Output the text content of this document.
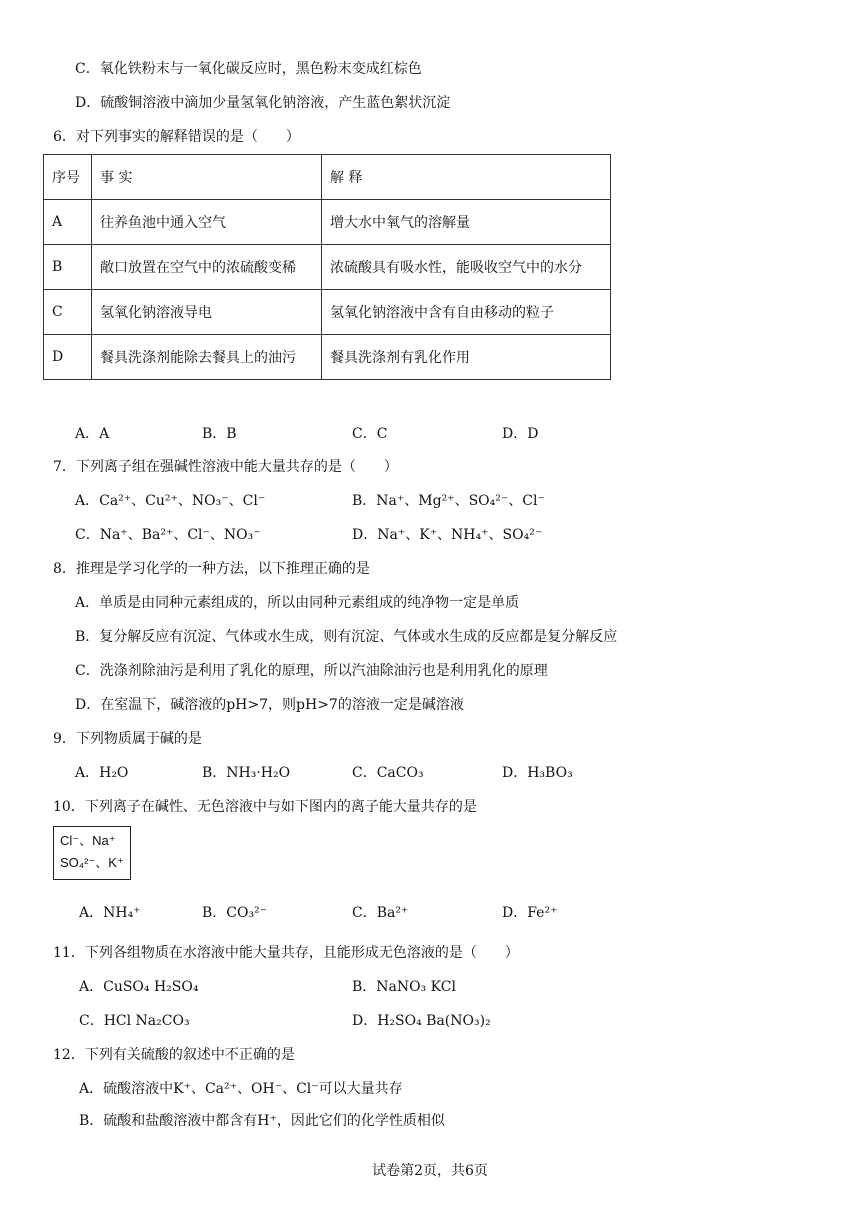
C．氧化铁粉末与一氧化碳反应时，黑色粉末变成红棕色
D．硫酸铜溶液中滴加少量氢氧化钠溶液，产生蓝色絮状沉淀
6．对下列事实的解释错误的是（　　）
序号	事 实	解 释
A	往养鱼池中通入空气	增大水中氧气的溶解量
B	敞口放置在空气中的浓硫酸变稀	浓硫酸具有吸水性，能吸收空气中的水分
C	氢氧化钠溶液导电	氢氧化钠溶液中含有自由移动的粒子
D	餐具洗涤剂能除去餐具上的油污	餐具洗涤剂有乳化作用
A．A	B．B	C．C	D．D
7．下列离子组在强碱性溶液中能大量共存的是（　　）
A．Ca²⁺、Cu²⁺、NO₃⁻、Cl⁻	B．Na⁺、Mg²⁺、SO₄²⁻、Cl⁻
C．Na⁺、Ba²⁺、Cl⁻、NO₃⁻	D．Na⁺、K⁺、NH₄⁺、SO₄²⁻
8．推理是学习化学的一种方法，以下推理正确的是
A．单质是由同种元素组成的，所以由同种元素组成的纯净物一定是单质
B．复分解反应有沉淀、气体或水生成，则有沉淀、气体或水生成的反应都是复分解反应
C．洗涤剂除油污是利用了乳化的原理，所以汽油除油污也是利用乳化的原理
D．在室温下，碱溶液的pH>7，则pH>7的溶液一定是碱溶液
9．下列物质属于碱的是
A．H₂O	B．NH₃·H₂O	C．CaCO₃	D．H₃BO₃
10．下列离子在碱性、无色溶液中与如下图内的离子能大量共存的是
Cl⁻、Na⁺
SO₄²⁻、K⁺
A．NH₄⁺	B．CO₃²⁻	C．Ba²⁺	D．Fe²⁺
11．下列各组物质在水溶液中能大量共存，且能形成无色溶液的是（　　）
A．CuSO₄ H₂SO₄	B．NaNO₃ KCl
C．HCl Na₂CO₃	D．H₂SO₄ Ba(NO₃)₂
12．下列有关硫酸的叙述中不正确的是
A．硫酸溶液中K⁺、Ca²⁺、OH⁻、Cl⁻可以大量共存
B．硫酸和盐酸溶液中都含有H⁺，因此它们的化学性质相似
试卷第2页，共6页
